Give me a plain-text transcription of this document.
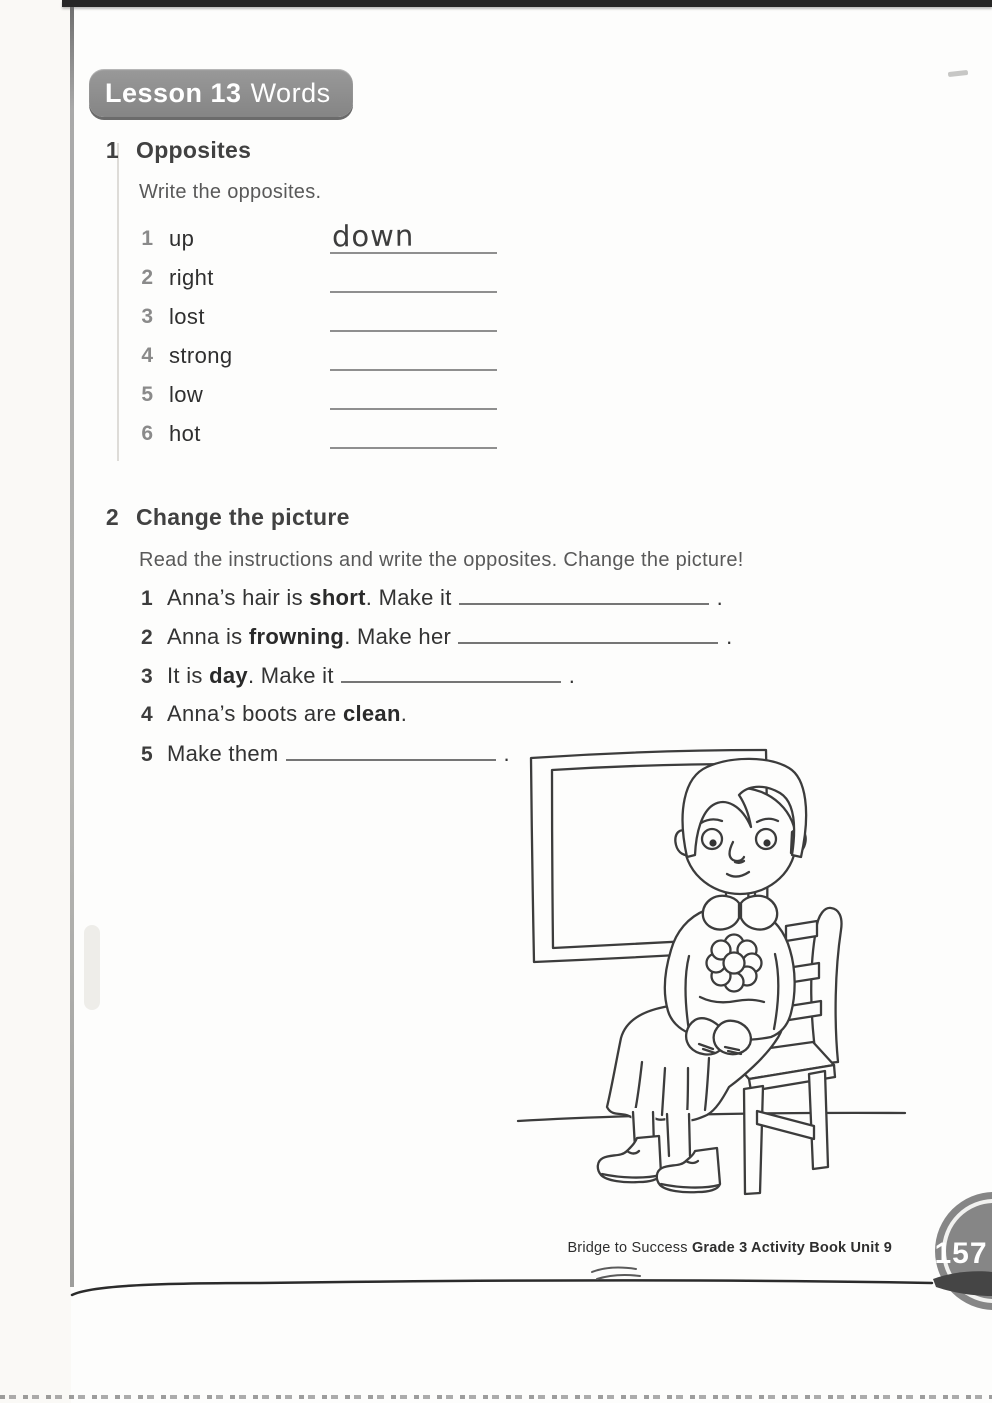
Lesson 13 Words
1 Opposites
Write the opposites.
1 up	down
2 right
3 lost
4 strong
5 low
6 hot
2 Change the picture
Read the instructions and write the opposites. Change the picture!
1 Anna’s hair is short. Make it	.
2 Anna is frowning. Make her	.
3 It is day. Make it	.
4 Anna’s boots are clean.
5 Make them	.
Bridge to Success Grade 3 Activity Book Unit 9 157
